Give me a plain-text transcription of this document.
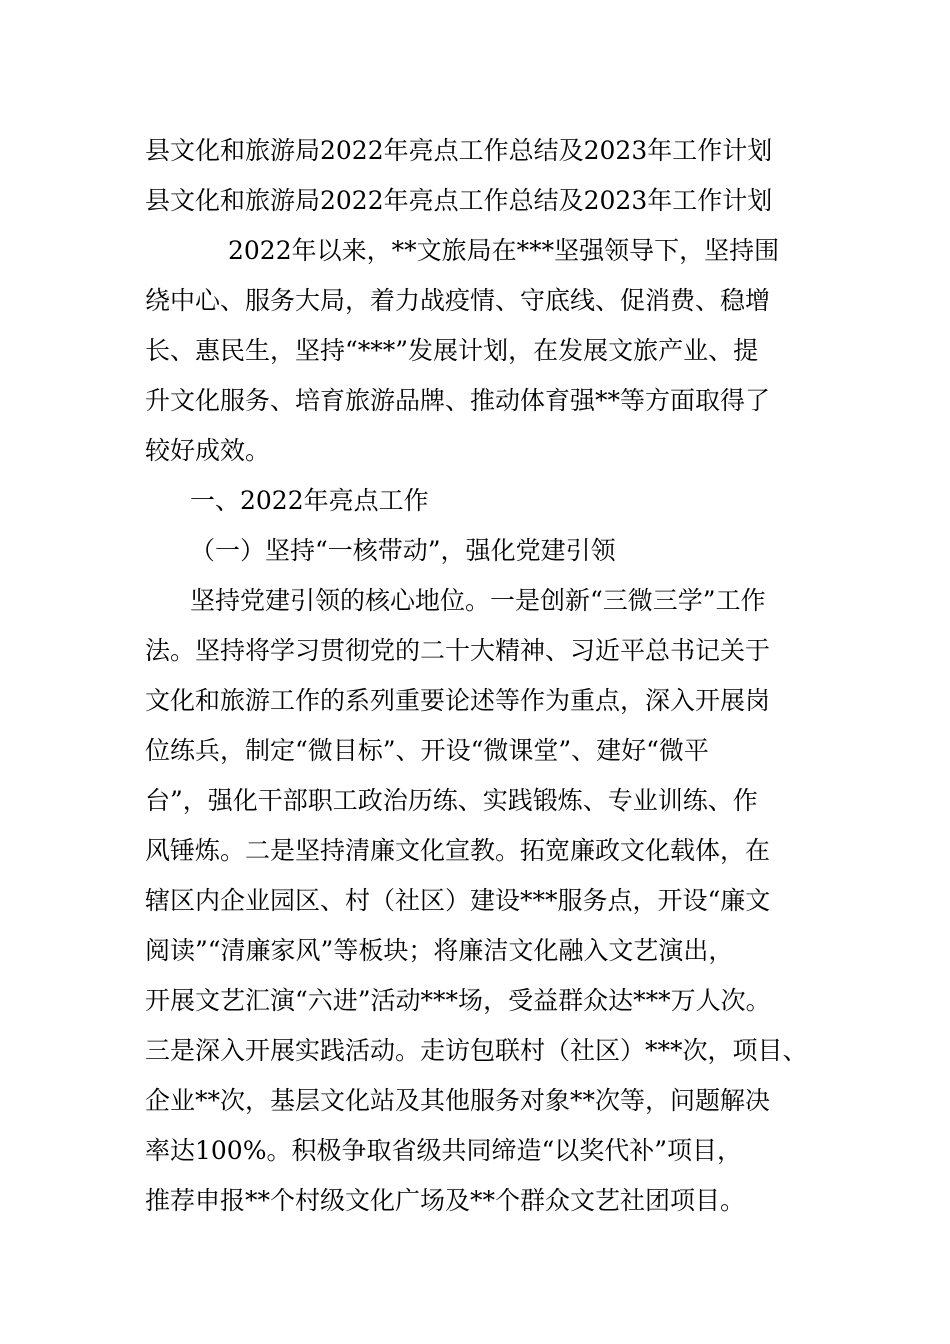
县文化和旅游局2022年亮点工作总结及2023年工作计划
县文化和旅游局2022年亮点工作总结及2023年工作计划
2022年以来，**文旅局在***坚强领导下，坚持围
绕中心、服务大局，着力战疫情、守底线、促消费、稳增
长、惠民生，坚持“***”发展计划，在发展文旅产业、提
升文化服务、培育旅游品牌、推动体育强**等方面取得了
较好成效。
一、2022年亮点工作
（一）坚持“一核带动”，强化党建引领
坚持党建引领的核心地位。一是创新“三微三学”工作
法。坚持将学习贯彻党的二十大精神、习近平总书记关于
文化和旅游工作的系列重要论述等作为重点，深入开展岗
位练兵，制定“微目标”、开设“微课堂”、建好“微平
台”，强化干部职工政治历练、实践锻炼、专业训练、作
风锤炼。二是坚持清廉文化宣教。拓宽廉政文化载体，在
辖区内企业园区、村（社区）建设***服务点，开设“廉文
阅读”“清廉家风”等板块；将廉洁文化融入文艺演出，
开展文艺汇演“六进”活动***场，受益群众达***万人次。
三是深入开展实践活动。走访包联村（社区）***次，项目、
企业**次，基层文化站及其他服务对象**次等，问题解决
率达100%。积极争取省级共同缔造“以奖代补”项目，
推荐申报**个村级文化广场及**个群众文艺社团项目。
